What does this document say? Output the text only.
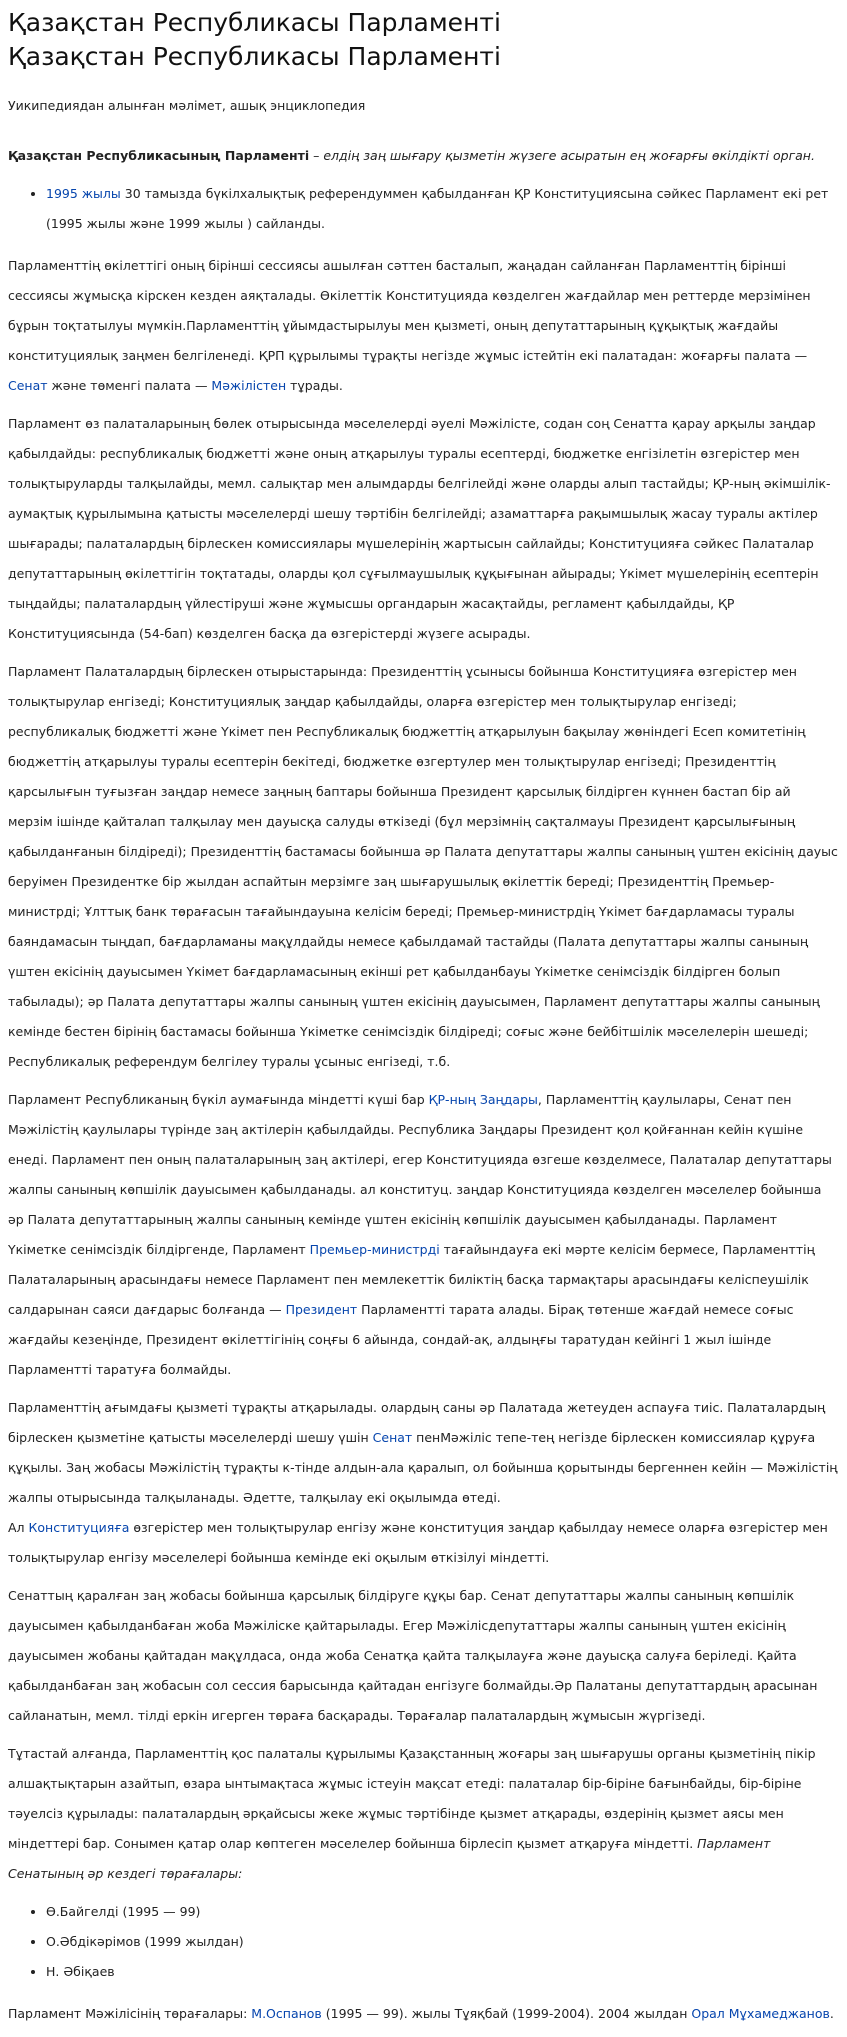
Қазақстан Республикасы Парламенті
Қазақстан Республикасы Парламенті
Уикипедиядан алынған мәлімет, ашық энциклопедия

Қазақстан Республикасының Парламенті – елдің заң шығару қызметін жүзеге асыратын ең жоғарғы өкілдікті орган.

• 1995 жылы 30 тамызда бүкілхалықтық референдуммен қабылданған ҚР Конституциясына сәйкес Парламент екі рет (1995 жылы және 1999 жылы ) сайланды.

Парламенттің өкілеттігі оның бірінші сессиясы ашылған сәттен басталып, жаңадан сайланған Парламенттің бірінші сессиясы жұмысқа кірскен кезден аяқталады. Өкілеттік Конституцияда көзделген жағдайлар мен реттерде мерзімінен бұрын тоқтатылуы мүмкін.Парламенттің ұйымдастырылуы мен қызметі, оның депутаттарының құқықтық жағдайы конституциялық заңмен белгіленеді. ҚРП құрылымы тұрақты негізде жұмыс істейтін екі палатадан: жоғарғы палата — Сенат және төменгі палата — Мәжілістен тұрады.

Парламент өз палаталарының бөлек отырысында мәселелерді әуелі Мәжілісте, содан соң Сенатта қарау арқылы заңдар қабылдайды: республикалық бюджетті және оның атқарылуы туралы есептерді, бюджетке енгізілетін өзгерістер мен толықтыруларды талқылайды, мемл. салықтар мен алымдарды белгілейді және оларды алып тастайды; ҚР-ның әкімшілік-аумақтық құрылымына қатысты мәселелерді шешу тәртібін белгілейді; азаматтарға рақымшылық жасау туралы актілер шығарады; палаталардың бірлескен комиссиялары мүшелерінің жартысын сайлайды; Конституцияға сәйкес Палаталар депутаттарының өкілеттігін тоқтатады, оларды қол сұғылмаушылық құқығынан айырады; Үкімет мүшелерінің есептерін тыңдайды; палаталардың үйлестіруші және жұмысшы органдарын жасақтайды, регламент қабылдайды, ҚР Конституциясында (54-бап) көзделген басқа да өзгерістерді жүзеге асырады.

Парламент Палаталардың бірлескен отырыстарында: Президенттің ұсынысы бойынша Конституцияға өзгерістер мен толықтырулар енгізеді; Конституциялық заңдар қабылдайды, оларға өзгерістер мен толықтырулар енгізеді; республикалық бюджетті және Үкімет пен Республикалық бюджеттің атқарылуын бақылау жөніндегі Есеп комитетінің бюджеттің атқарылуы туралы есептерін бекітеді, бюджетке өзгертулер мен толықтырулар енгізеді; Президенттің қарсылығын туғызған заңдар немесе заңның баптары бойынша Президент қарсылық білдірген күннен бастап бір ай мерзім ішінде қайталап талқылау мен дауысқа салуды өткізеді (бұл мерзімнің сақталмауы Президент қарсылығының қабылданғанын білдіреді); Президенттің бастамасы бойынша әр Палата депутаттары жалпы санының үштен екісінің дауыс беруімен Президентке бір жылдан аспайтын мерзімге заң шығарушылық өкілеттік береді; Президенттің Премьер-министрді; Ұлттық банк төрағасын тағайындауына келісім береді; Премьер-министрдің Үкімет бағдарламасы туралы баяндамасын тыңдап, бағдарламаны мақұлдайды немесе қабылдамай тастайды (Палата депутаттары жалпы санының үштен екісінің дауысымен Үкімет бағдарламасының екінші рет қабылданбауы Үкіметке сенімсіздік білдірген болып табылады); әр Палата депутаттары жалпы санының үштен екісінің дауысымен, Парламент депутаттары жалпы санының кемінде бестен бірінің бастамасы бойынша Үкіметке сенімсіздік білдіреді; соғыс және бейбітшілік мәселелерін шешеді; Республикалық референдум белгілеу туралы ұсыныс енгізеді, т.б.

Парламент Республиканың бүкіл аумағында міндетті күші бар ҚР-ның Заңдары, Парламенттің қаулылары, Сенат пен Мәжілістің қаулылары түрінде заң актілерін қабылдайды. Республика Заңдары Президент қол қойғаннан кейін күшіне енеді. Парламент пен оның палаталарының заң актілері, егер Конституцияда өзгеше көзделмесе, Палаталар депутаттары жалпы санының көпшілік дауысымен қабылданады. ал конституц. заңдар Конституцияда көзделген мәселелер бойынша әр Палата депутаттарының жалпы санының кемінде үштен екісінің көпшілік дауысымен қабылданады. Парламент Үкіметке сенімсіздік білдіргенде, Парламент Премьер-министрді тағайындауға екі мәрте келісім бермесе, Парламенттің Палаталарының арасындағы немесе Парламент пен мемлекеттік биліктің басқа тармақтары арасындағы келіспеушілік салдарынан саяси дағдарыс болғанда — Президент Парламентті тарата алады. Бірақ төтенше жағдай немесе соғыс жағдайы кезеңінде, Президент өкілеттігінің соңғы 6 айында, сондай-ақ, алдыңғы таратудан кейінгі 1 жыл ішінде Парламентті таратуға болмайды.

Парламенттің ағымдағы қызметі тұрақты атқарылады. олардың саны әр Палатада жетеуден аспауға тиіс. Палаталардың бірлескен қызметіне қатысты мәселелерді шешу үшін Сенат пенМәжіліс тепе-тең негізде бірлескен комиссиялар құруға құқылы. Заң жобасы Мәжілістің тұрақты к-тінде алдын-ала қаралып, ол бойынша қорытынды бергеннен кейін — Мәжілістің жалпы отырысында талқыланады. Әдетте, талқылау екі оқылымда өтеді.
Ал Конституцияға өзгерістер мен толықтырулар енгізу және конституция заңдар қабылдау немесе оларға өзгерістер мен толықтырулар енгізу мәселелері бойынша кемінде екі оқылым өткізілуі міндетті.

Сенаттың қаралған заң жобасы бойынша қарсылық білдіруге құқы бар. Сенат депутаттары жалпы санының көпшілік дауысымен қабылданбаған жоба Мәжіліске қайтарылады. Егер Мәжілісдепутаттары жалпы санының үштен екісінің дауысымен жобаны қайтадан мақұлдаса, онда жоба Сенатқа қайта талқылауға және дауысқа салуға беріледі. Қайта қабылданбаған заң жобасын сол сессия барысында қайтадан енгізуге болмайды.Әр Палатаны депутаттардың арасынан сайланатын, мемл. тілді еркін игерген төраға басқарады. Төрағалар палаталардың жұмысын жүргізеді.

Тұтастай алғанда, Парламенттің қос палаталы құрылымы Қазақстанның жоғары заң шығарушы органы қызметінің пікір алшақтықтарын азайтып, өзара ынтымақтаса жұмыс істеуін мақсат етеді: палаталар бір-біріне бағынбайды, бір-біріне тәуелсіз құрылады: палаталардың әрқайсысы жеке жұмыс тәртібінде қызмет атқарады, өздерінің қызмет аясы мен міндеттері бар. Сонымен қатар олар көптеген мәселелер бойынша бірлесіп қызмет атқаруға міндетті. Парламент Сенатының әр кездегі төрағалары:

• Ө.Байгелді (1995 — 99)
• О.Әбдікәрімов (1999 жылдан)
• Н. Әбіқаев

Парламент Мәжілісінің төрағалары: М.Оспанов (1995 — 99). жылы Тұяқбай (1999-2004). 2004 жылдан Орал Мұхамеджанов.
